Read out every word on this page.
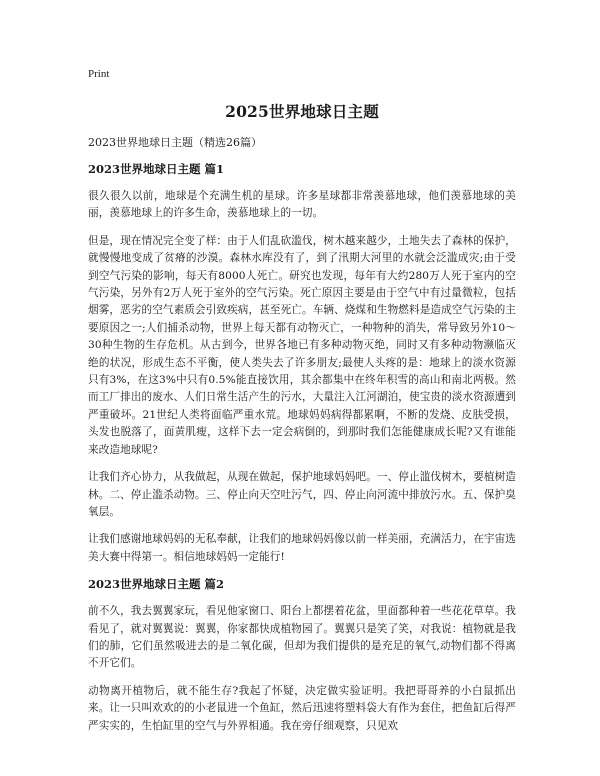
Print
2025世界地球日主题
2023世界地球日主题（精选26篇）
2023世界地球日主题 篇1

很久很久以前，地球是个充满生机的星球。许多星球都非常羡慕地球，他们羡慕地球的美丽，羡慕地球上的许多生命，羡慕地球上的一切。

但是，现在情况完全变了样：由于人们乱砍滥伐，树木越来越少，土地失去了森林的保护，就慢慢地变成了贫瘠的沙漠。森林水库没有了，到了汛期大河里的水就会泛滥成灾;由于受到空气污染的影响，每天有8000人死亡。研究也发现，每年有大约280万人死于室内的空气污染，另外有2万人死于室外的空气污染。死亡原因主要是由于空气中有过量微粒，包括烟雾，恶劣的空气素质会引致疾病，甚至死亡。车辆、烧煤和生物燃料是造成空气污染的主要原因之一;人们捕杀动物，世界上每天都有动物灭亡，一种物种的消失，常导致另外10～30种生物的生存危机。从古到今，世界各地已有多种动物灭绝，同时又有多种动物濒临灭绝的状况，形成生态不平衡，使人类失去了许多朋友;最使人头疼的是：地球上的淡水资源只有3%，在这3%中只有0.5%能直接饮用，其余都集中在终年积雪的高山和南北两极。然而工厂排出的废水、人们日常生活产生的污水，大量注入江河湖泊，使宝贵的淡水资源遭到严重破坏。21世纪人类将面临严重水荒。地球妈妈病得都累啊，不断的发烧、皮肤受损，头发也脱落了，面黄肌瘦，这样下去一定会病倒的，到那时我们怎能健康成长呢?又有谁能来改造地球呢?

让我们齐心协力，从我做起，从现在做起，保护地球妈妈吧。一、停止滥伐树木，要植树造林。二、停止滥杀动物。三、停止向天空吐污气，四、停止向河流中排放污水。五、保护臭氧层。

让我们感谢地球妈妈的无私奉献，让我们的地球妈妈像以前一样美丽，充满活力，在宇宙选美大赛中得第一。相信地球妈妈一定能行!

2023世界地球日主题 篇2

前不久，我去翼翼家玩，看见他家窗口、阳台上都摆着花盆，里面都种着一些花花草草。我看见了，就对翼翼说：翼翼，你家都快成植物园了。翼翼只是笑了笑，对我说：植物就是我们的肺，它们虽然吸进去的是二氧化碳，但却为我们提供的是充足的氧气,动物们都不得离不开它们。

动物离开植物后，就不能生存?我起了怀疑，决定做实验证明。我把哥哥养的小白鼠抓出来。让一只叫欢欢的的小老鼠进一个鱼缸，然后迅速将塑料袋大有作为套住，把鱼缸后得严严实实的，生怕缸里的空气与外界相通。我在旁仔细观察，只见欢
